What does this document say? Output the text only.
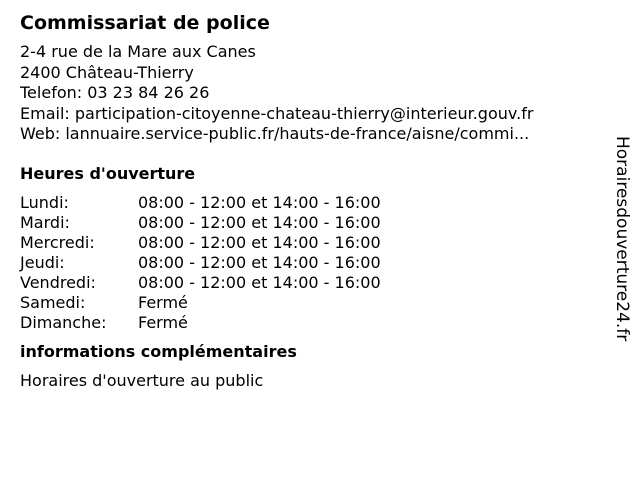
Commissariat de police
2-4 rue de la Mare aux Canes
2400 Château-Thierry
Telefon: 03 23 84 26 26
Email: participation-citoyenne-chateau-thierry@interieur.gouv.fr
Web: lannuaire.service-public.fr/hauts-de-france/aisne/commi...
Heures d'ouverture
Lundi:	08:00 - 12:00 et 14:00 - 16:00
Mardi:	08:00 - 12:00 et 14:00 - 16:00
Mercredi:	08:00 - 12:00 et 14:00 - 16:00
Jeudi:	08:00 - 12:00 et 14:00 - 16:00
Vendredi:	08:00 - 12:00 et 14:00 - 16:00
Samedi:	Fermé
Dimanche: Fermé
informations complémentaires
Horaires d'ouverture au public
Horairesdouverture24.fr
